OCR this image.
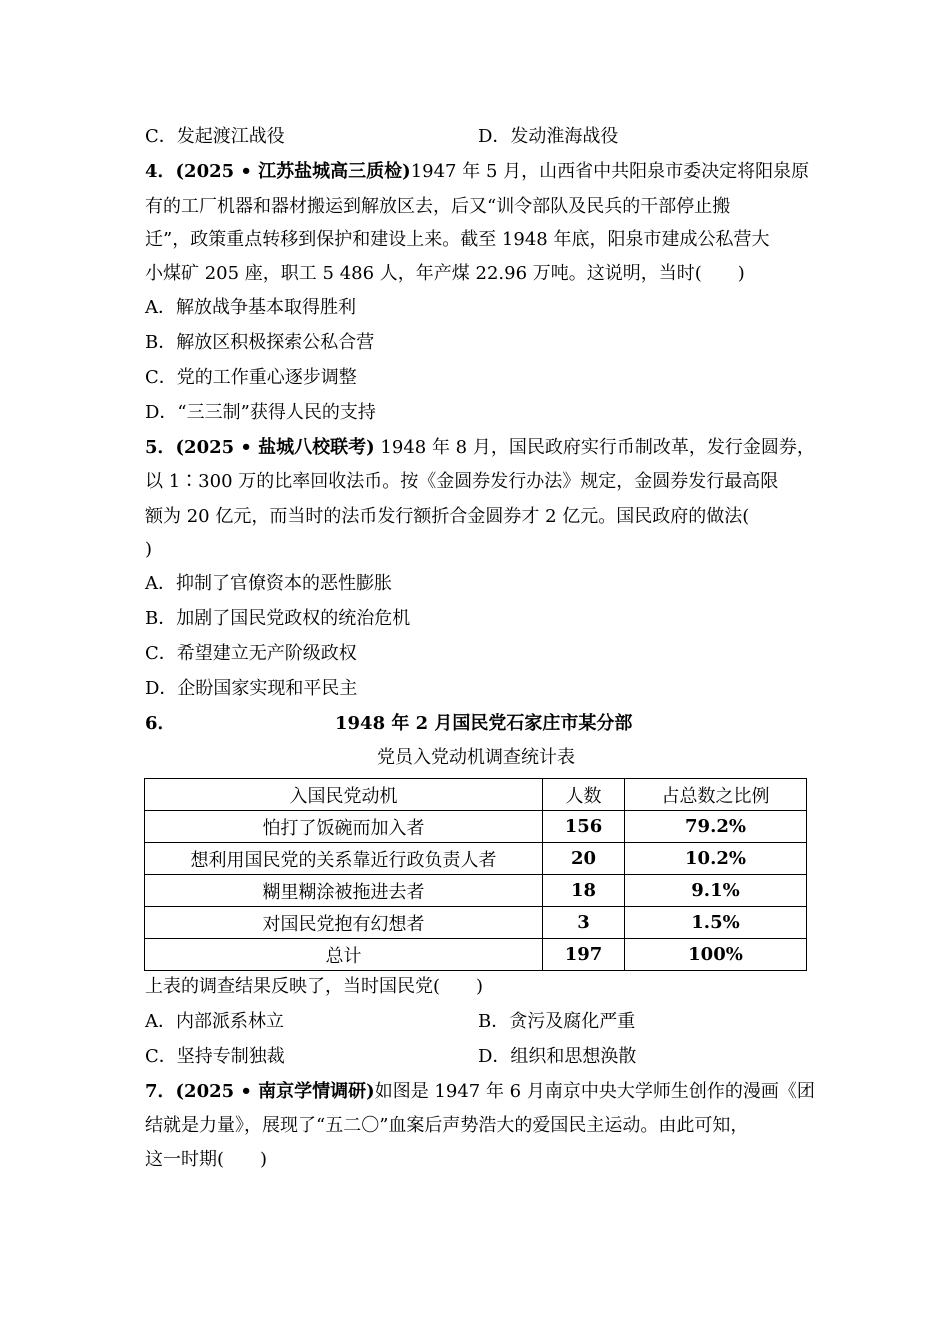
C．发起渡江战役	D．发动淮海战役
4．(2025 • 江苏盐城高三质检)1947 年 5 月，山西省中共阳泉市委决定将阳泉原
有的工厂机器和器材搬运到解放区去，后又“训令部队及民兵的干部停止搬
迁”，政策重点转移到保护和建设上来。截至 1948 年底，阳泉市建成公私营大
小煤矿 205 座，职工 5 486 人，年产煤 22.96 万吨。这说明，当时(　　)
A．解放战争基本取得胜利
B．解放区积极探索公私合营
C．党的工作重心逐步调整
D．“三三制”获得人民的支持
5．(2025 • 盐城八校联考) 1948 年 8 月，国民政府实行币制改革，发行金圆券，
以 1∶300 万的比率回收法币。按《金圆券发行办法》规定，金圆券发行最高限
额为 20 亿元，而当时的法币发行额折合金圆券才 2 亿元。国民政府的做法(
)
A．抑制了官僚资本的恶性膨胀
B．加剧了国民党政权的统治危机
C．希望建立无产阶级政权
D．企盼国家实现和平民主
6．	1948 年 2 月国民党石家庄市某分部
党员入党动机调查统计表
入国民党动机	人数	占总数之比例
怕打了饭碗而加入者	156	79.2%
想利用国民党的关系靠近行政负责人者	20	10.2%
糊里糊涂被拖进去者	18	9.1%
对国民党抱有幻想者	3	1.5%
总计	197	100%
上表的调查结果反映了，当时国民党(　　)
A．内部派系林立	B．贪污及腐化严重
C．坚持专制独裁	D．组织和思想涣散
7．(2025 • 南京学情调研)如图是 1947 年 6 月南京中央大学师生创作的漫画《团
结就是力量》，展现了“五二〇”血案后声势浩大的爱国民主运动。由此可知，
这一时期(　　)
